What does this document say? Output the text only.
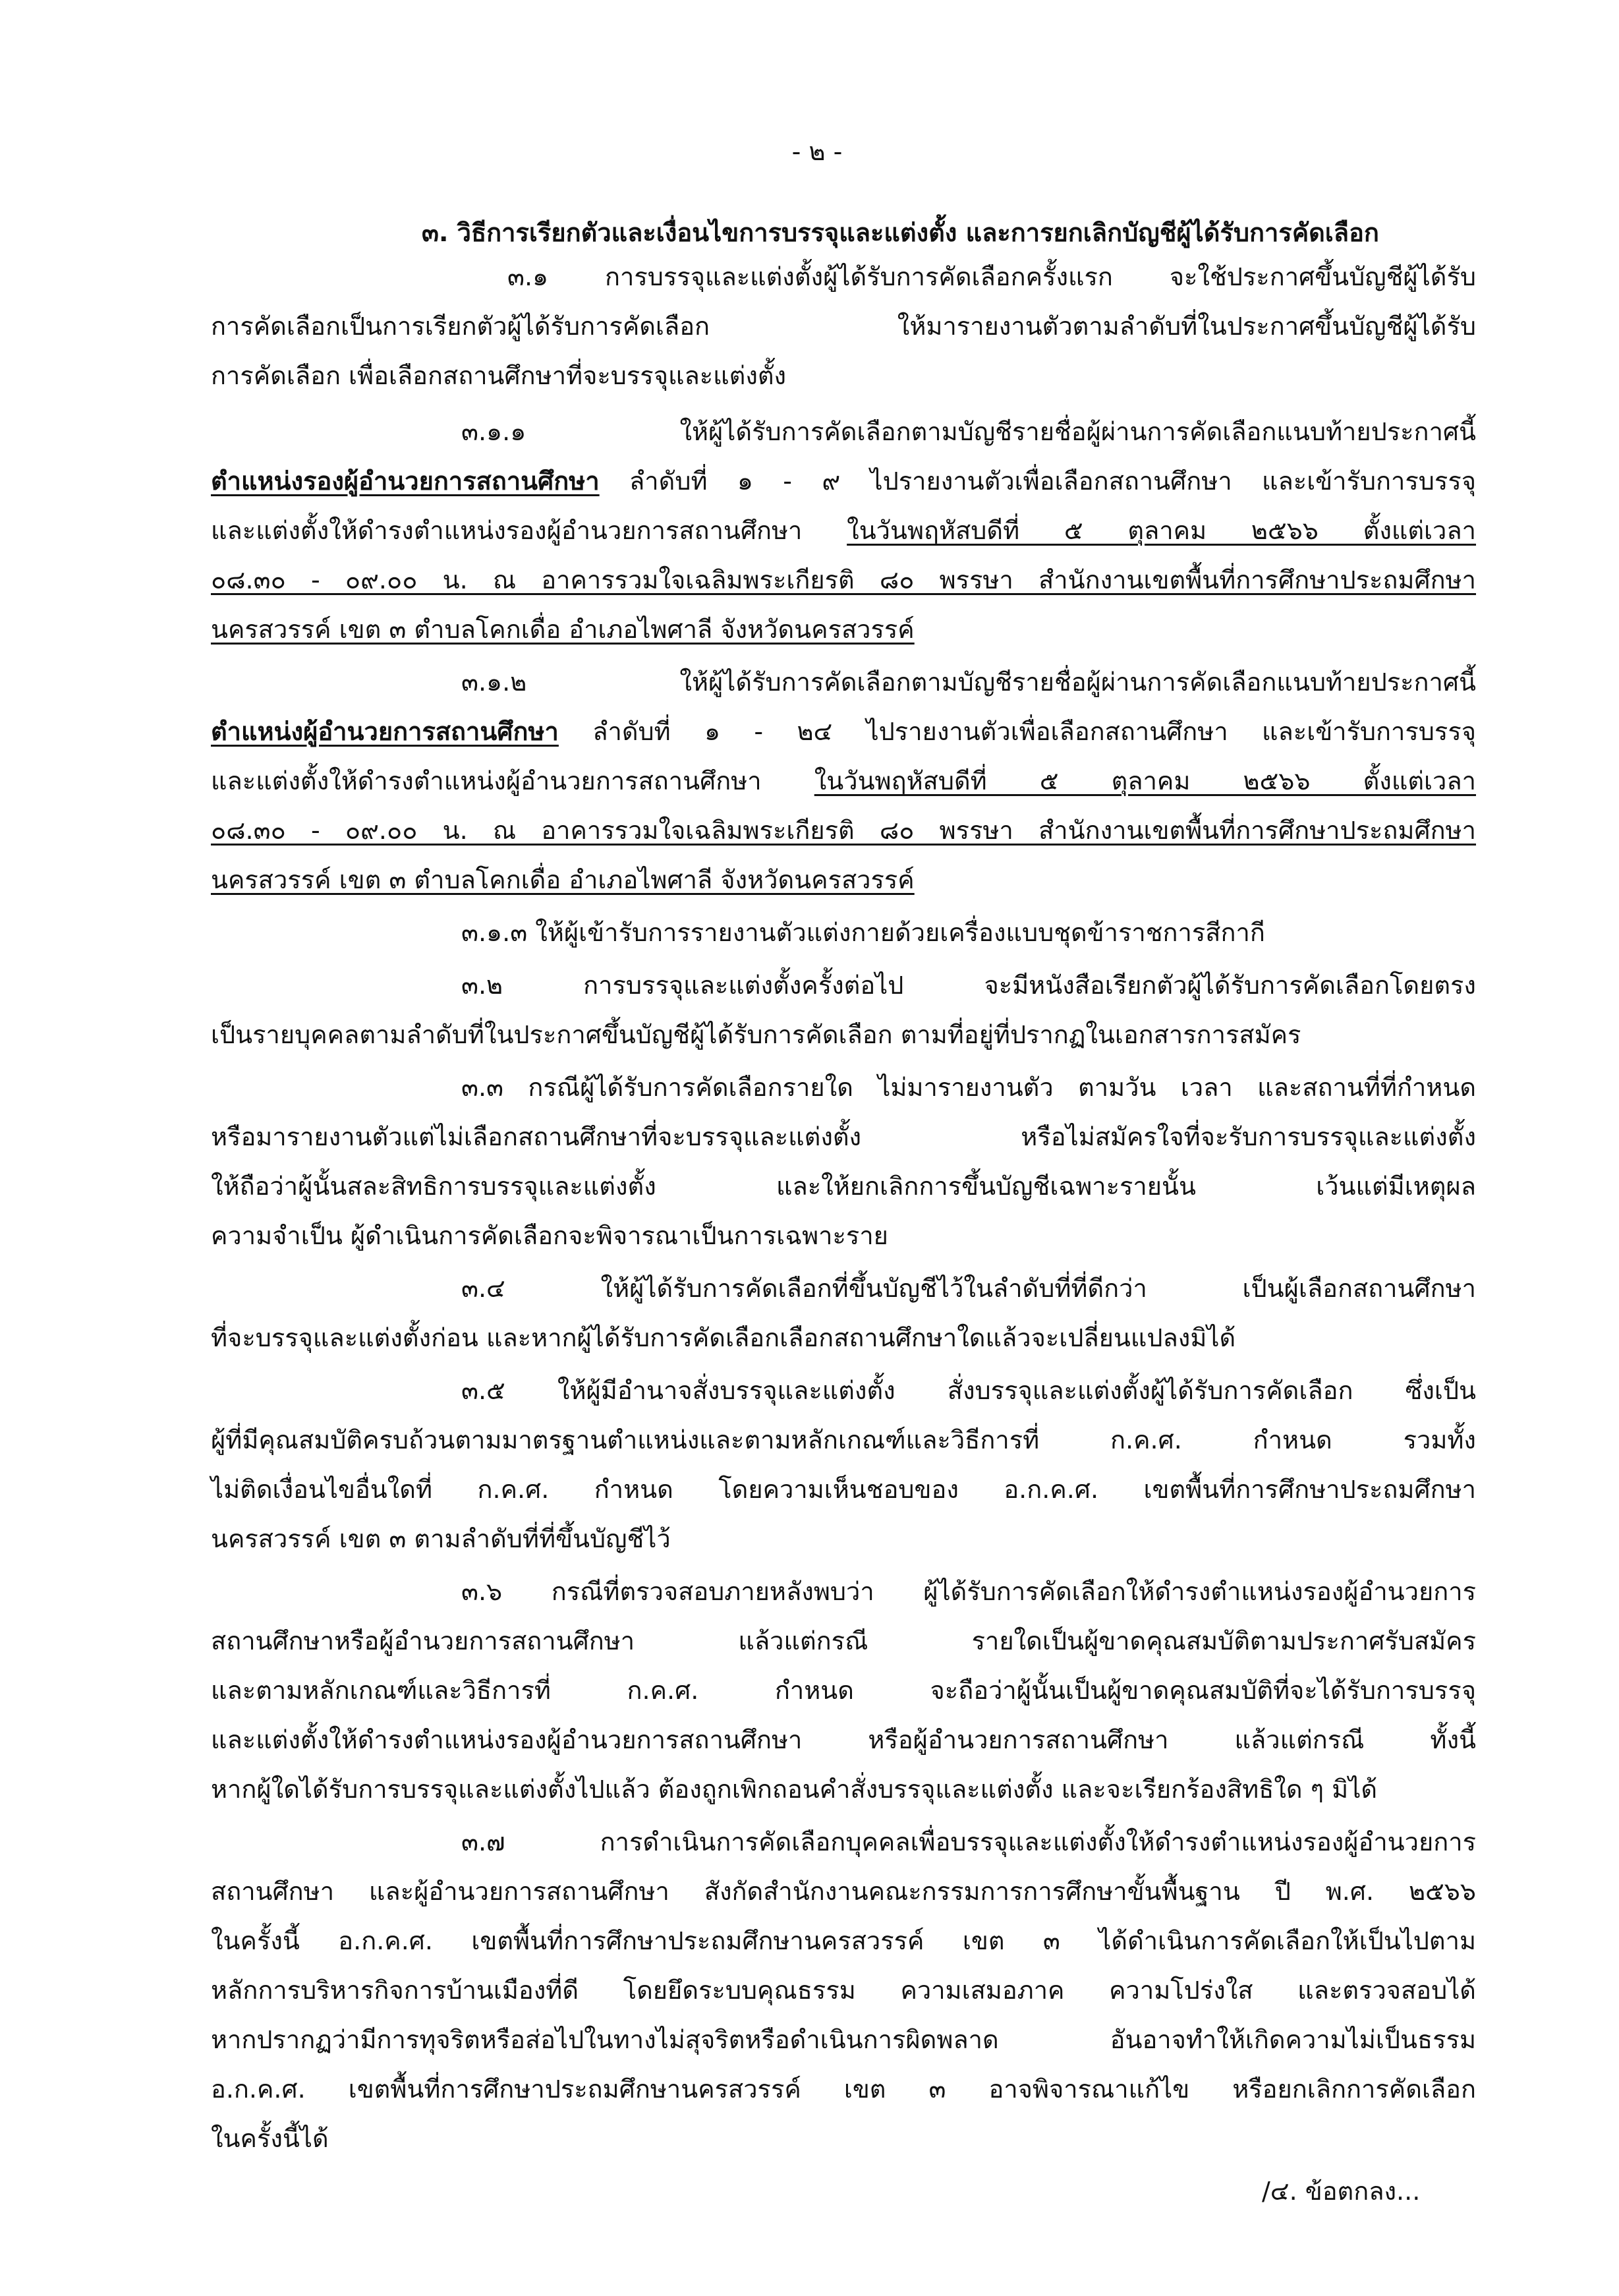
- ๒ -

๓. วิธีการเรียกตัวและเงื่อนไขการบรรจุและแต่งตั้ง และการยกเลิกบัญชีผู้ได้รับการคัดเลือก

๓.๑ การบรรจุและแต่งตั้งผู้ได้รับการคัดเลือกครั้งแรก จะใช้ประกาศขึ้นบัญชีผู้ได้รับ

การคัดเลือกเป็นการเรียกตัวผู้ได้รับการคัดเลือก ให้มารายงานตัวตามลำดับที่ในประกาศขึ้นบัญชีผู้ได้รับ

การคัดเลือก เพื่อเลือกสถานศึกษาที่จะบรรจุและแต่งตั้ง

๓.๑.๑ ให้ผู้ได้รับการคัดเลือกตามบัญชีรายชื่อผู้ผ่านการคัดเลือกแนบท้ายประกาศนี้

ตำแหน่งรองผู้อำนวยการสถานศึกษา ลำดับที่ ๑ - ๙ ไปรายงานตัวเพื่อเลือกสถานศึกษา และเข้ารับการบรรจุ

และแต่งตั้งให้ดำรงตำแหน่งรองผู้อำนวยการสถานศึกษา ในวันพฤหัสบดีที่ ๕ ตุลาคม ๒๕๖๖ ตั้งแต่เวลา

๐๘.๓๐ - ๐๙.๐๐ น. ณ อาคารรวมใจเฉลิมพระเกียรติ ๘๐ พรรษา สำนักงานเขตพื้นที่การศึกษาประถมศึกษา

นครสวรรค์ เขต ๓ ตำบลโคกเดื่อ อำเภอไพศาลี จังหวัดนครสวรรค์

๓.๑.๒ ให้ผู้ได้รับการคัดเลือกตามบัญชีรายชื่อผู้ผ่านการคัดเลือกแนบท้ายประกาศนี้

ตำแหน่งผู้อำนวยการสถานศึกษา ลำดับที่ ๑ - ๒๔ ไปรายงานตัวเพื่อเลือกสถานศึกษา และเข้ารับการบรรจุ

และแต่งตั้งให้ดำรงตำแหน่งผู้อำนวยการสถานศึกษา ในวันพฤหัสบดีที่ ๕ ตุลาคม ๒๕๖๖ ตั้งแต่เวลา

๐๘.๓๐ - ๐๙.๐๐ น. ณ อาคารรวมใจเฉลิมพระเกียรติ ๘๐ พรรษา สำนักงานเขตพื้นที่การศึกษาประถมศึกษา

นครสวรรค์ เขต ๓ ตำบลโคกเดื่อ อำเภอไพศาลี จังหวัดนครสวรรค์

๓.๑.๓ ให้ผู้เข้ารับการรายงานตัวแต่งกายด้วยเครื่องแบบชุดข้าราชการสีกากี

๓.๒ การบรรจุและแต่งตั้งครั้งต่อไป จะมีหนังสือเรียกตัวผู้ได้รับการคัดเลือกโดยตรง

เป็นรายบุคคลตามลำดับที่ในประกาศขึ้นบัญชีผู้ได้รับการคัดเลือก ตามที่อยู่ที่ปรากฏในเอกสารการสมัคร

๓.๓ กรณีผู้ได้รับการคัดเลือกรายใด ไม่มารายงานตัว ตามวัน เวลา และสถานที่ที่กำหนด

หรือมารายงานตัวแต่ไม่เลือกสถานศึกษาที่จะบรรจุและแต่งตั้ง หรือไม่สมัครใจที่จะรับการบรรจุและแต่งตั้ง

ให้ถือว่าผู้นั้นสละสิทธิการบรรจุและแต่งตั้ง และให้ยกเลิกการขึ้นบัญชีเฉพาะรายนั้น เว้นแต่มีเหตุผล

ความจำเป็น ผู้ดำเนินการคัดเลือกจะพิจารณาเป็นการเฉพาะราย

๓.๔ ให้ผู้ได้รับการคัดเลือกที่ขึ้นบัญชีไว้ในลำดับที่ที่ดีกว่า เป็นผู้เลือกสถานศึกษา

ที่จะบรรจุและแต่งตั้งก่อน และหากผู้ได้รับการคัดเลือกเลือกสถานศึกษาใดแล้วจะเปลี่ยนแปลงมิได้

๓.๕ ให้ผู้มีอำนาจสั่งบรรจุและแต่งตั้ง สั่งบรรจุและแต่งตั้งผู้ได้รับการคัดเลือก ซึ่งเป็น

ผู้ที่มีคุณสมบัติครบถ้วนตามมาตรฐานตำแหน่งและตามหลักเกณฑ์และวิธีการที่ ก.ค.ศ. กำหนด รวมทั้ง

ไม่ติดเงื่อนไขอื่นใดที่ ก.ค.ศ. กำหนด โดยความเห็นชอบของ อ.ก.ค.ศ. เขตพื้นที่การศึกษาประถมศึกษา

นครสวรรค์ เขต ๓ ตามลำดับที่ที่ขึ้นบัญชีไว้

๓.๖ กรณีที่ตรวจสอบภายหลังพบว่า ผู้ได้รับการคัดเลือกให้ดำรงตำแหน่งรองผู้อำนวยการ

สถานศึกษาหรือผู้อำนวยการสถานศึกษา แล้วแต่กรณี รายใดเป็นผู้ขาดคุณสมบัติตามประกาศรับสมัคร

และตามหลักเกณฑ์และวิธีการที่ ก.ค.ศ. กำหนด จะถือว่าผู้นั้นเป็นผู้ขาดคุณสมบัติที่จะได้รับการบรรจุ

และแต่งตั้งให้ดำรงตำแหน่งรองผู้อำนวยการสถานศึกษา หรือผู้อำนวยการสถานศึกษา แล้วแต่กรณี ทั้งนี้

หากผู้ใดได้รับการบรรจุและแต่งตั้งไปแล้ว ต้องถูกเพิกถอนคำสั่งบรรจุและแต่งตั้ง และจะเรียกร้องสิทธิใด ๆ มิได้

๓.๗ การดำเนินการคัดเลือกบุคคลเพื่อบรรจุและแต่งตั้งให้ดำรงตำแหน่งรองผู้อำนวยการ

สถานศึกษา และผู้อำนวยการสถานศึกษา สังกัดสำนักงานคณะกรรมการการศึกษาขั้นพื้นฐาน ปี พ.ศ. ๒๕๖๖

ในครั้งนี้ อ.ก.ค.ศ. เขตพื้นที่การศึกษาประถมศึกษานครสวรรค์ เขต ๓ ได้ดำเนินการคัดเลือกให้เป็นไปตาม

หลักการบริหารกิจการบ้านเมืองที่ดี โดยยึดระบบคุณธรรม ความเสมอภาค ความโปร่งใส และตรวจสอบได้

หากปรากฏว่ามีการทุจริตหรือส่อไปในทางไม่สุจริตหรือดำเนินการผิดพลาด อันอาจทำให้เกิดความไม่เป็นธรรม

อ.ก.ค.ศ. เขตพื้นที่การศึกษาประถมศึกษานครสวรรค์ เขต ๓ อาจพิจารณาแก้ไข หรือยกเลิกการคัดเลือก

ในครั้งนี้ได้

/๔. ข้อตกลง...
